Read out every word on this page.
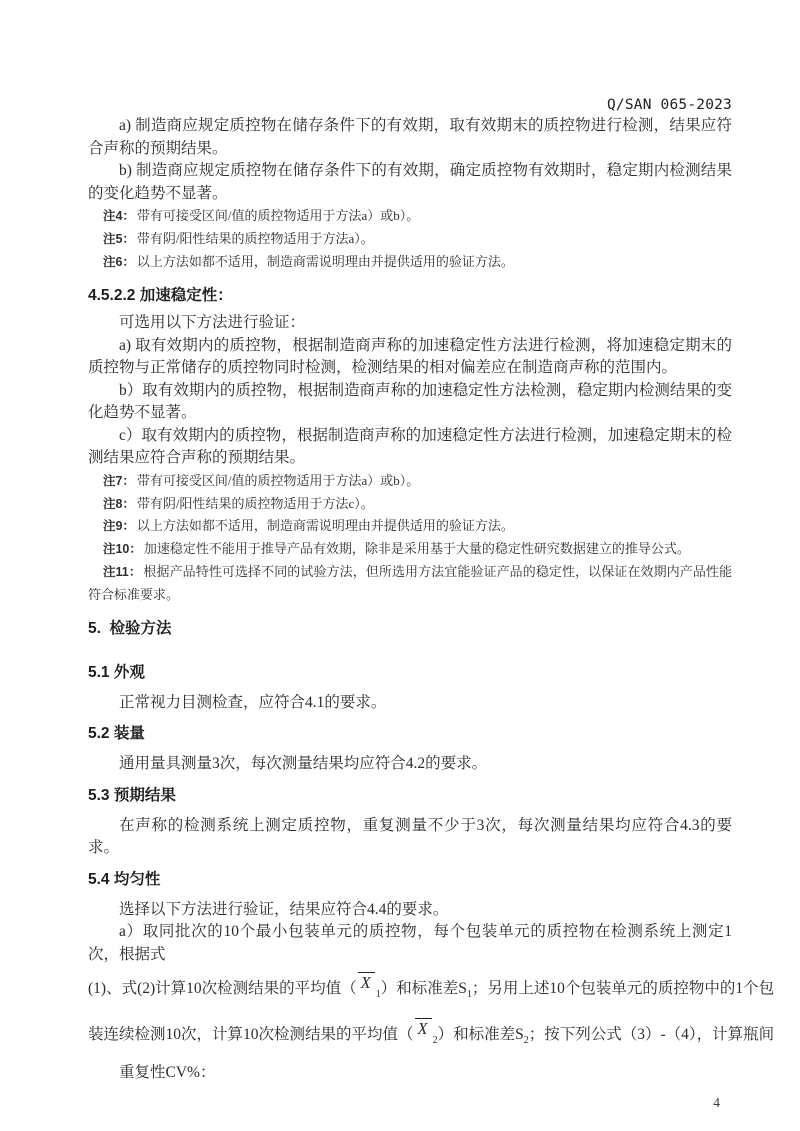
Q/SAN 065-2023

a) 制造商应规定质控物在储存条件下的有效期，取有效期末的质控物进行检测，结果应符合声称的预期结果。

b) 制造商应规定质控物在储存条件下的有效期，确定质控物有效期时，稳定期内检测结果的变化趋势不显著。

注4： 带有可接受区间/值的质控物适用于方法a）或b）。

注5： 带有阴/阳性结果的质控物适用于方法a）。

注6： 以上方法如都不适用，制造商需说明理由并提供适用的验证方法。

4.5.2.2 加速稳定性：

可选用以下方法进行验证：

a) 取有效期内的质控物，根据制造商声称的加速稳定性方法进行检测，将加速稳定期末的质控物与正常储存的质控物同时检测，检测结果的相对偏差应在制造商声称的范围内。

b）取有效期内的质控物，根据制造商声称的加速稳定性方法检测，稳定期内检测结果的变化趋势不显著。

c）取有效期内的质控物，根据制造商声称的加速稳定性方法进行检测，加速稳定期末的检测结果应符合声称的预期结果。

注7： 带有可接受区间/值的质控物适用于方法a）或b）。

注8： 带有阴/阳性结果的质控物适用于方法c）。

注9： 以上方法如都不适用，制造商需说明理由并提供适用的验证方法。

注10： 加速稳定性不能用于推导产品有效期，除非是采用基于大量的稳定性研究数据建立的推导公式。

注11： 根据产品特性可选择不同的试验方法，但所选用方法宜能验证产品的稳定性，以保证在效期内产品性能符合标准要求。

5.  检验方法
5.1 外观

正常视力目测检查，应符合4.1的要求。

5.2 装量

通用量具测量3次，每次测量结果均应符合4.2的要求。

5.3 预期结果

在声称的检测系统上测定质控物，重复测量不少于3次，每次测量结果均应符合4.3的要求。

5.4 均匀性

选择以下方法进行验证，结果应符合4.4的要求。

a）取同批次的10个最小包装单元的质控物，每个包装单元的质控物在检测系统上测定1次，根据式

(1)、式(2)计算10次检测结果的平均值（ $X_1$）和标准差$S_1$；另用上述10个包装单元的质控物中的1个包
装连续检测10次，计算10次检测结果的平均值（ $X_2$）和标准差$S_2$；按下列公式（3）-（4），计算瓶间

重复性CV%：

4
